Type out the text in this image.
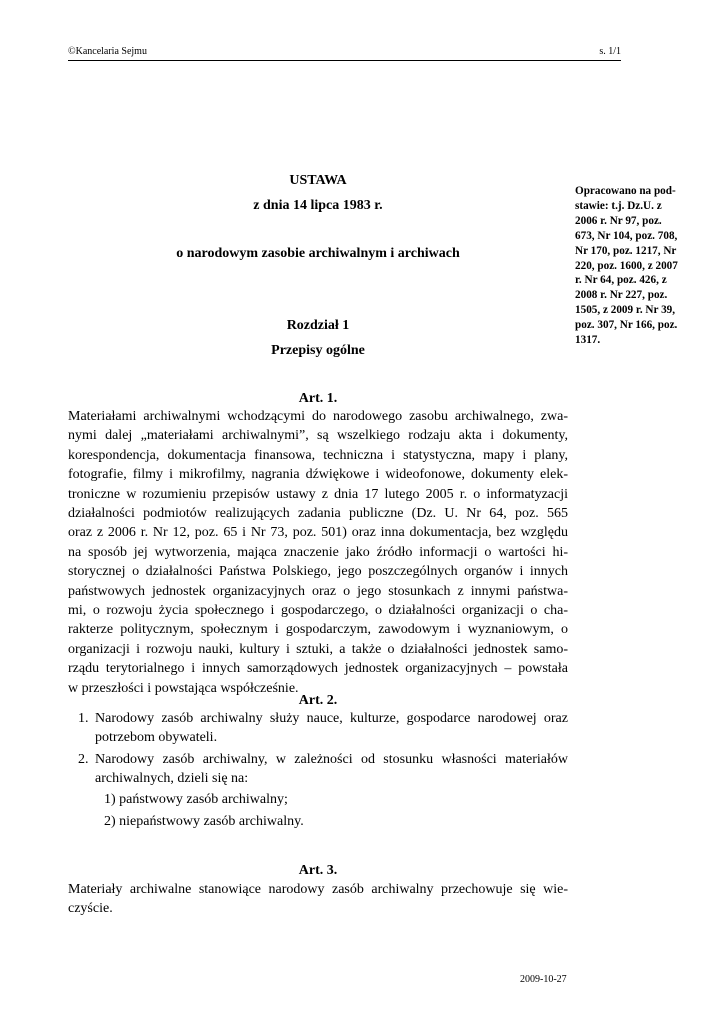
©Kancelaria Sejmu	s. 1/1
USTAWA
z dnia 14 lipca 1983 r.
o narodowym zasobie archiwalnym i archiwach
Opracowano na pod-
stawie: t.j. Dz.U. z
2006 r. Nr 97, poz.
673, Nr 104, poz. 708,
Nr 170, poz. 1217, Nr
220, poz. 1600, z 2007
r. Nr 64, poz. 426, z
2008 r. Nr 227, poz.
1505, z 2009 r. Nr 39,
poz. 307, Nr 166, poz.
1317.
Rozdział 1
Przepisy ogólne
Art. 1.
Materiałami archiwalnymi wchodzącymi do narodowego zasobu archiwalnego, zwa-
nymi dalej „materiałami archiwalnymi”, są wszelkiego rodzaju akta i dokumenty,
korespondencja, dokumentacja finansowa, techniczna i statystyczna, mapy i plany,
fotografie, filmy i mikrofilmy, nagrania dźwiękowe i wideofonowe, dokumenty elek-
troniczne w rozumieniu przepisów ustawy z dnia 17 lutego 2005 r. o informatyzacji
działalności podmiotów realizujących zadania publiczne (Dz. U. Nr 64, poz. 565
oraz z 2006 r. Nr 12, poz. 65 i Nr 73, poz. 501) oraz inna dokumentacja, bez względu
na sposób jej wytworzenia, mająca znaczenie jako źródło informacji o wartości hi-
storycznej o działalności Państwa Polskiego, jego poszczególnych organów i innych
państwowych jednostek organizacyjnych oraz o jego stosunkach z innymi państwa-
mi, o rozwoju życia społecznego i gospodarczego, o działalności organizacji o cha-
rakterze politycznym, społecznym i gospodarczym, zawodowym i wyznaniowym, o
organizacji i rozwoju nauki, kultury i sztuki, a także o działalności jednostek samo-
rządu terytorialnego i innych samorządowych jednostek organizacyjnych – powstała
w przeszłości i powstająca współcześnie.
Art. 2.
1. Narodowy zasób archiwalny służy nauce, kulturze, gospodarce narodowej oraz
potrzebom obywateli.
2. Narodowy zasób archiwalny, w zależności od stosunku własności materiałów
archiwalnych, dzieli się na:
1) państwowy zasób archiwalny;
2) niepaństwowy zasób archiwalny.
Art. 3.
Materiały archiwalne stanowiące narodowy zasób archiwalny przechowuje się wie-
czyście.
2009-10-27
